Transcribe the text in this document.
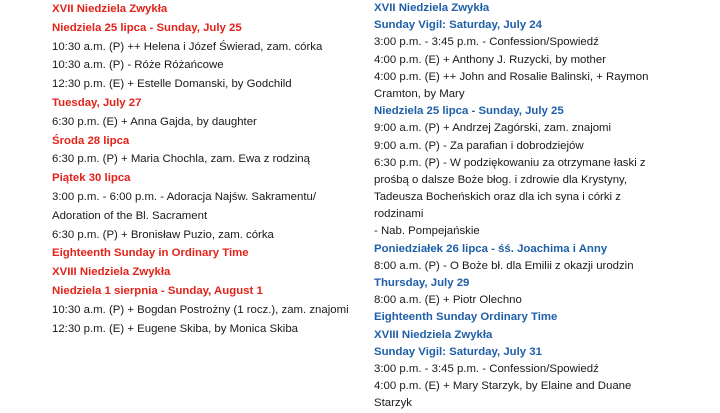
XVII Niedziela Zwykła
Niedziela 25 lipca - Sunday, July 25
10:30 a.m. (P) ++ Helena i Józef Świerad, zam. córka
10:30 a.m. (P) - Róże Różańcowe
12:30 p.m. (E) + Estelle Domanski, by Godchild
Tuesday, July 27
6:30 p.m. (E) + Anna Gajda, by daughter
Środa 28 lipca
6:30 p.m. (P) + Maria Chochla, zam. Ewa z rodziną
Piątek 30 lipca
3:00 p.m. - 6:00 p.m. - Adoracja Najśw. Sakramentu/
Adoration of the Bl. Sacrament
6:30 p.m. (P) + Bronisław Puzio, zam. córka
Eighteenth Sunday in Ordinary Time
XVIII Niedziela Zwykła
Niedziela 1 sierpnia - Sunday, August 1
10:30 a.m. (P) + Bogdan Postrożny (1 rocz.), zam. znajomi
12:30 p.m. (E) + Eugene Skiba, by Monica Skiba
XVII Niedziela Zwykła
Sunday Vigil: Saturday, July 24
3:00 p.m. - 3:45 p.m. - Confession/Spowiedź
4:00 p.m. (E) + Anthony J. Ruzycki, by mother
4:00 p.m. (E) ++ John and Rosalie Balinski, + Raymon
Cramton, by Mary
Niedziela 25 lipca - Sunday, July 25
9:00 a.m. (P) + Andrzej Zagórski, zam. znajomi
9:00 a.m. (P) - Za parafian i dobrodziejów
6:30 p.m. (P) - W podziękowaniu za otrzymane łaski z
prośbą o dalsze Boże błog. i zdrowie dla Krystyny,
Tadeusza Bocheńskich oraz dla ich syna i córki z
rodzinami
- Nab. Pompejańskie
Poniedziałek 26 lipca - śś. Joachima i Anny
8:00 a.m. (P) - O Boże bł. dla Emilii z okazji urodzin
Thursday, July 29
8:00 a.m. (E) + Piotr Olechno
Eighteenth Sunday Ordinary Time
XVIII Niedziela Zwykła
Sunday Vigil: Saturday, July 31
3:00 p.m. - 3:45 p.m. - Confession/Spowiedź
4:00 p.m. (E) + Mary Starzyk, by Elaine and Duane
Starzyk
